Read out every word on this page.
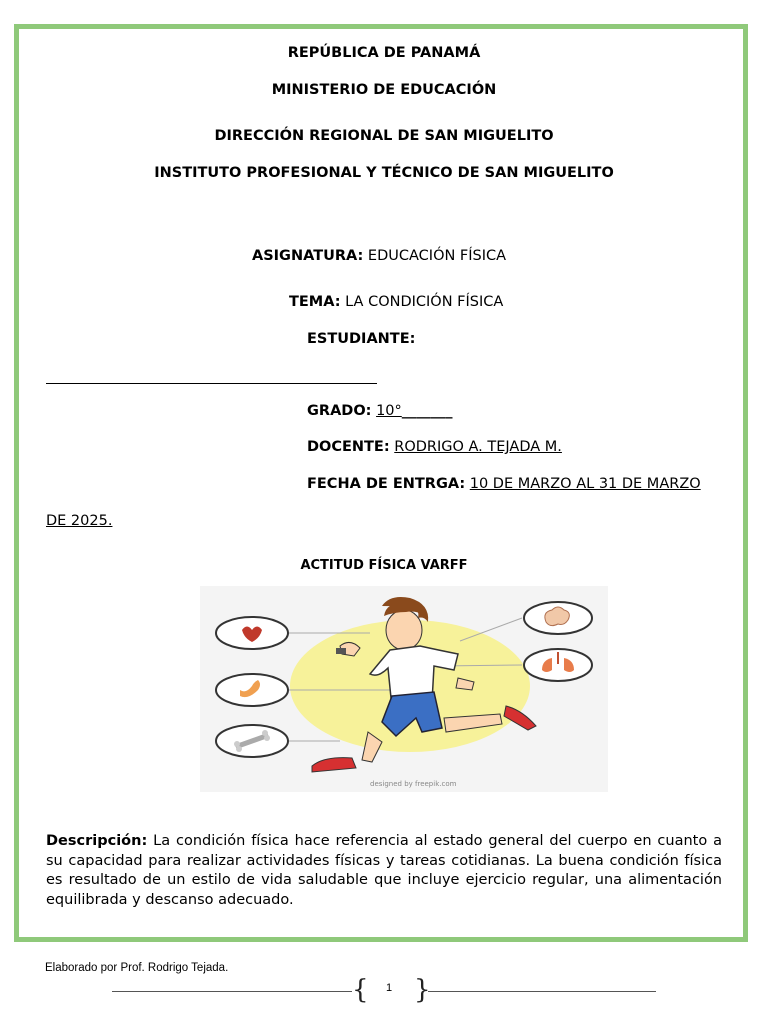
REPÚBLICA DE PANAMÁ
MINISTERIO DE EDUCACIÓN
DIRECCIÓN REGIONAL DE SAN MIGUELITO
INSTITUTO PROFESIONAL Y TÉCNICO DE SAN MIGUELITO
ASIGNATURA: EDUCACIÓN FÍSICA
TEMA: LA CONDICIÓN FÍSICA
ESTUDIANTE:
GRADO: 10°_______
DOCENTE: RODRIGO A. TEJADA M.
FECHA DE ENTRGA: 10 DE MARZO AL 31 DE MARZO
DE 2025.
ACTITUD FÍSICA VARFF
designed by freepik.com
Descripción: La condición física hace referencia al estado general del cuerpo en cuanto a su capacidad para realizar actividades físicas y tareas cotidianas. La buena condición física es resultado de un estilo de vida saludable que incluye ejercicio regular, una alimentación equilibrada y descanso adecuado.
Elaborado por Prof. Rodrigo Tejada.
{	1 }
